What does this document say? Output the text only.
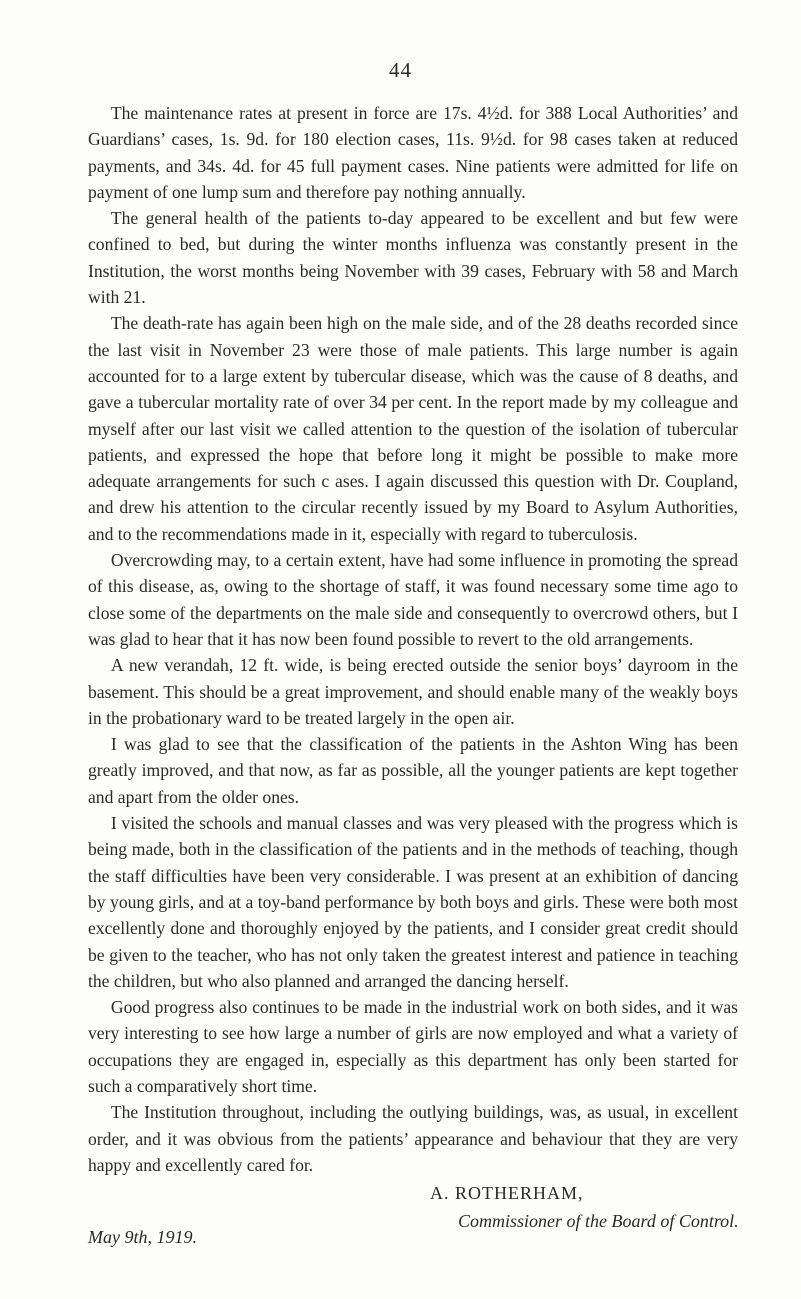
44

The maintenance rates at present in force are 17s. 4½d. for 388 Local Authorities’ and Guardians’ cases, 1s. 9d. for 180 election cases, 11s. 9½d. for 98 cases taken at reduced payments, and 34s. 4d. for 45 full payment cases. Nine patients were admitted for life on payment of one lump sum and therefore pay nothing annually.

The general health of the patients to-day appeared to be excellent and but few were confined to bed, but during the winter months influenza was constantly present in the Institution, the worst months being November with 39 cases, February with 58 and March with 21.

The death-rate has again been high on the male side, and of the 28 deaths recorded since the last visit in November 23 were those of male patients. This large number is again accounted for to a large extent by tubercular disease, which was the cause of 8 deaths, and gave a tubercular mortality rate of over 34 per cent. In the report made by my colleague and myself after our last visit we called attention to the question of the isolation of tubercular patients, and expressed the hope that before long it might be possible to make more adequate arrangements for such c ases. I again discussed this question with Dr. Coupland, and drew his attention to the circular recently issued by my Board to Asylum Authorities, and to the recommendations made in it, especially with regard to tuberculosis.

Overcrowding may, to a certain extent, have had some influence in promoting the spread of this disease, as, owing to the shortage of staff, it was found necessary some time ago to close some of the departments on the male side and consequently to overcrowd others, but I was glad to hear that it has now been found possible to revert to the old arrangements.

A new verandah, 12 ft. wide, is being erected outside the senior boys’ dayroom in the basement. This should be a great improvement, and should enable many of the weakly boys in the probationary ward to be treated largely in the open air.

I was glad to see that the classification of the patients in the Ashton Wing has been greatly improved, and that now, as far as possible, all the younger patients are kept together and apart from the older ones.

I visited the schools and manual classes and was very pleased with the progress which is being made, both in the classification of the patients and in the methods of teaching, though the staff difficulties have been very considerable. I was present at an exhibition of dancing by young girls, and at a toy-band performance by both boys and girls. These were both most excellently done and thoroughly enjoyed by the patients, and I consider great credit should be given to the teacher, who has not only taken the greatest interest and patience in teaching the children, but who also planned and arranged the dancing herself.

Good progress also continues to be made in the industrial work on both sides, and it was very interesting to see how large a number of girls are now employed and what a variety of occupations they are engaged in, especially as this department has only been started for such a comparatively short time.

The Institution throughout, including the outlying buildings, was, as usual, in excellent order, and it was obvious from the patients’ appearance and behaviour that they are very happy and excellently cared for.

A. ROTHERHAM,
Commissioner of the Board of Control.
May 9th, 1919.
